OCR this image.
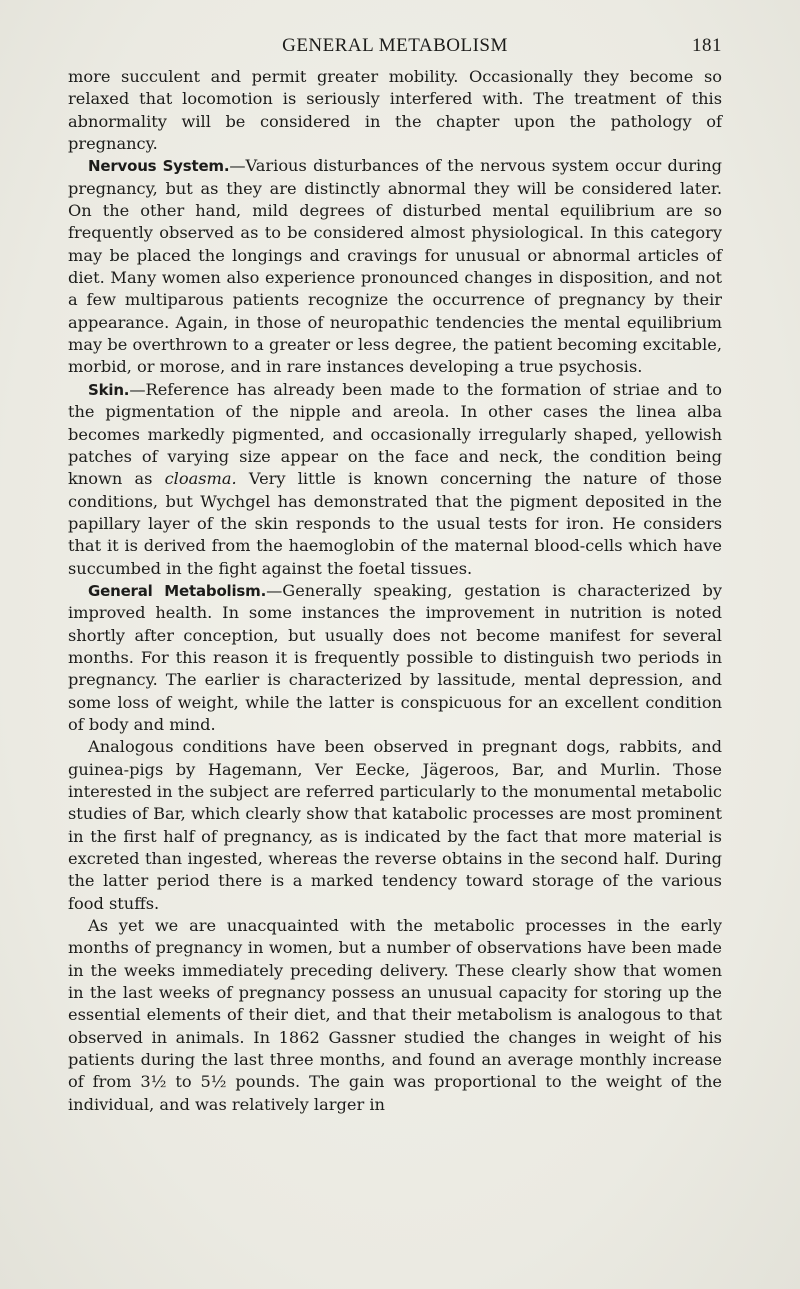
GENERAL METABOLISM	181

more succulent and permit greater mobility. Occasionally they become so relaxed that locomotion is seriously interfered with. The treatment of this abnormality will be considered in the chapter upon the pathology of pregnancy.

Nervous System.—Various disturbances of the nervous system occur during pregnancy, but as they are distinctly abnormal they will be considered later. On the other hand, mild degrees of disturbed mental equilibrium are so frequently observed as to be considered almost physiological. In this category may be placed the longings and cravings for unusual or abnormal articles of diet. Many women also experience pronounced changes in disposition, and not a few multiparous patients recognize the occurrence of pregnancy by their appearance. Again, in those of neuropathic tendencies the mental equilibrium may be overthrown to a greater or less degree, the patient becoming excitable, morbid, or morose, and in rare instances developing a true psychosis.

Skin.—Reference has already been made to the formation of striae and to the pigmentation of the nipple and areola. In other cases the linea alba becomes markedly pigmented, and occasionally irregularly shaped, yellowish patches of varying size appear on the face and neck, the condition being known as cloasma. Very little is known concerning the nature of those conditions, but Wychgel has demonstrated that the pigment deposited in the papillary layer of the skin responds to the usual tests for iron. He considers that it is derived from the haemoglobin of the maternal blood-cells which have succumbed in the fight against the foetal tissues.

General Metabolism.—Generally speaking, gestation is characterized by improved health. In some instances the improvement in nutrition is noted shortly after conception, but usually does not become manifest for several months. For this reason it is frequently possible to distinguish two periods in pregnancy. The earlier is characterized by lassitude, mental depression, and some loss of weight, while the latter is conspicuous for an excellent condition of body and mind.

Analogous conditions have been observed in pregnant dogs, rabbits, and guinea-pigs by Hagemann, Ver Eecke, Jägeroos, Bar, and Murlin. Those interested in the subject are referred particularly to the monumental metabolic studies of Bar, which clearly show that katabolic processes are most prominent in the first half of pregnancy, as is indicated by the fact that more material is excreted than ingested, whereas the reverse obtains in the second half. During the latter period there is a marked tendency toward storage of the various food stuffs.

As yet we are unacquainted with the metabolic processes in the early months of pregnancy in women, but a number of observations have been made in the weeks immediately preceding delivery. These clearly show that women in the last weeks of pregnancy possess an unusual capacity for storing up the essential elements of their diet, and that their metabolism is analogous to that observed in animals. In 1862 Gassner studied the changes in weight of his patients during the last three months, and found an average monthly increase of from 3½ to 5½ pounds. The gain was proportional to the weight of the individual, and was relatively larger in
